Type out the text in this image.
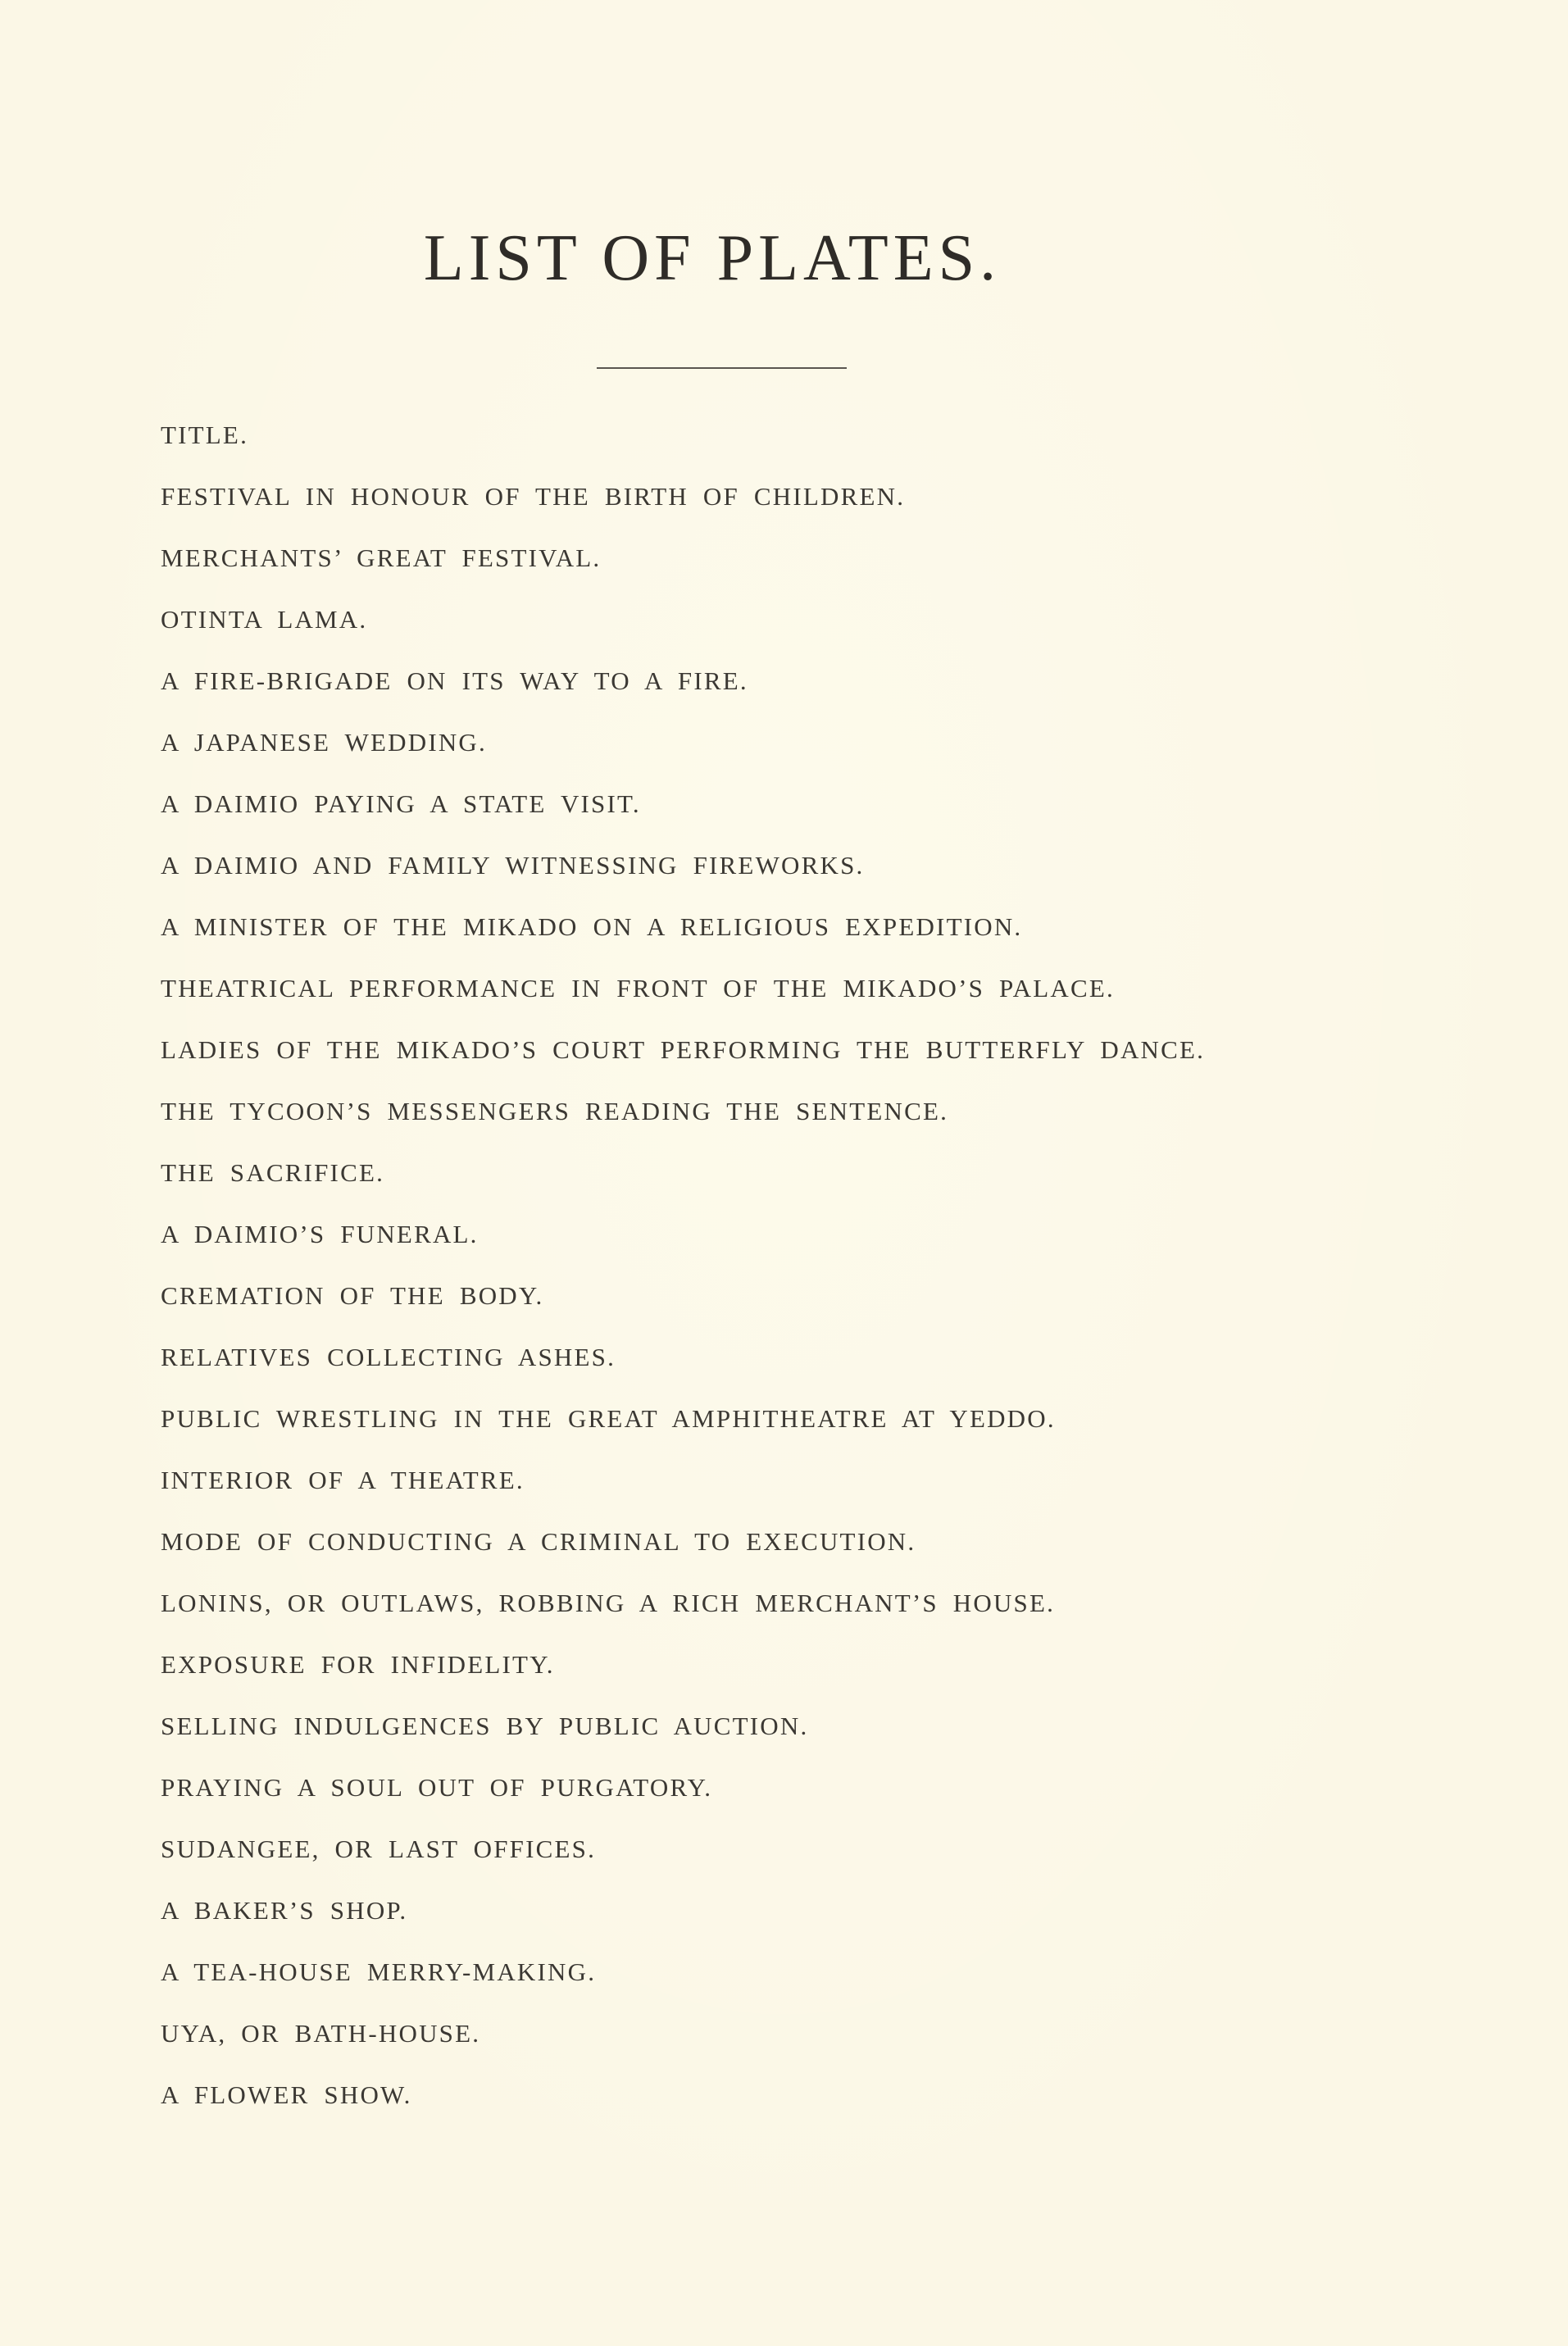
LIST OF PLATES.
TITLE.
FESTIVAL IN HONOUR OF THE BIRTH OF CHILDREN.
MERCHANTS’ GREAT FESTIVAL.
OTINTA LAMA.
A FIRE-BRIGADE ON ITS WAY TO A FIRE.
A JAPANESE WEDDING.
A DAIMIO PAYING A STATE VISIT.
A DAIMIO AND FAMILY WITNESSING FIREWORKS.
A MINISTER OF THE MIKADO ON A RELIGIOUS EXPEDITION.
THEATRICAL PERFORMANCE IN FRONT OF THE MIKADO’S PALACE.
LADIES OF THE MIKADO’S COURT PERFORMING THE BUTTERFLY DANCE.
THE TYCOON’S MESSENGERS READING THE SENTENCE.
THE SACRIFICE.
A DAIMIO’S FUNERAL.
CREMATION OF THE BODY.
RELATIVES COLLECTING ASHES.
PUBLIC WRESTLING IN THE GREAT AMPHITHEATRE AT YEDDO.
INTERIOR OF A THEATRE.
MODE OF CONDUCTING A CRIMINAL TO EXECUTION.
LONINS, OR OUTLAWS, ROBBING A RICH MERCHANT’S HOUSE.
EXPOSURE FOR INFIDELITY.
SELLING INDULGENCES BY PUBLIC AUCTION.
PRAYING A SOUL OUT OF PURGATORY.
SUDANGEE, OR LAST OFFICES.
A BAKER’S SHOP.
A TEA-HOUSE MERRY-MAKING.
UYA, OR BATH-HOUSE.
A FLOWER SHOW.
